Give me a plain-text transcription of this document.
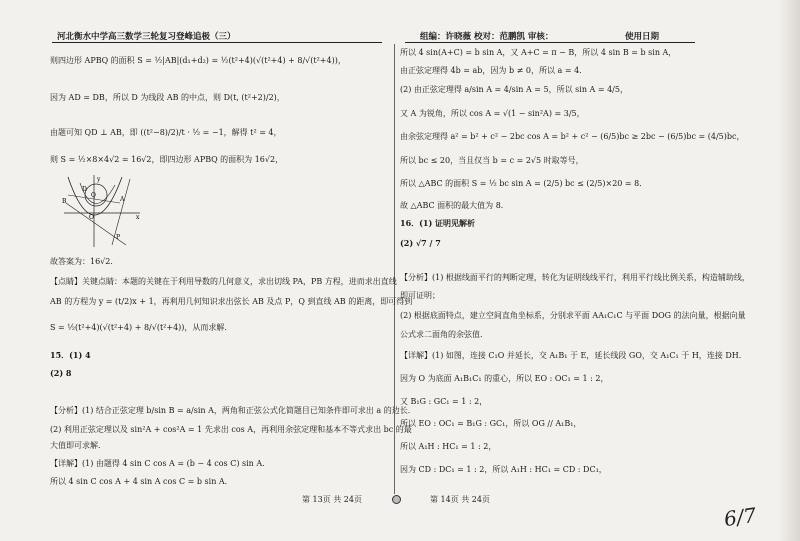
河北衡水中学高三数学三轮复习登峰追极（三）	组编：许晓薇 校对：范鹏凯 审核：	使用日期
则四边形 APBQ 的面积 S = ½|AB|(d₁+d₂) = ½(t²+4)(√(t²+4) + 8/√(t²+4))，
因为 AD = DB，所以 D 为线段 AB 的中点，则 D(t, (t²+2)/2)，
由题可知 QD ⊥ AB，即 ((t²−8)/2)/t · ½ = −1，解得 t² = 4，
则 S = ½×8×4√2 = 16√2，即四边形 APBQ 的面积为 16√2，
y
O
B
Q
D
A
x
P
故答案为：16√2．
【点睛】关键点睛：本题的关键在于利用导数的几何意义，求出切线 PA，PB 方程，进而求出直线
AB 的方程为 y = (t/2)x + 1，再利用几何知识求出弦长 AB 及点 P，Q 到直线 AB 的距离，即可得到
S = ½(t²+4)(√(t²+4) + 8/√(t²+4))，从而求解．
15．(1) 4
(2) 8
【分析】(1) 结合正弦定理 b/sin B = a/sin A，两角和正弦公式化简题目已知条件即可求出 a 的边长．
(2) 利用正弦定理以及 sin²A + cos²A = 1 先求出 cos A，再利用余弦定理和基本不等式求出 bc 的最
大值即可求解．
【详解】(1) 由题得 4 sin C cos A = (b − 4 cos C) sin A．
所以 4 sin C cos A + 4 sin A cos C = b sin A．
所以 4 sin(A+C) = b sin A，又 A+C = π − B，所以 4 sin B = b sin A，
由正弦定理得 4b = ab，因为 b ≠ 0，所以 a = 4．
(2) 由正弦定理得 a/sin A = 4/sin A = 5，所以 sin A = 4/5，
又 A 为锐角，所以 cos A = √(1 − sin²A) = 3/5，
由余弦定理得 a² = b² + c² − 2bc cos A = b² + c² − (6/5)bc ≥ 2bc − (6/5)bc = (4/5)bc，
所以 bc ≤ 20，当且仅当 b = c = 2√5 时取等号，
所以 △ABC 的面积 S = ½ bc sin A = (2/5) bc ≤ (2/5)×20 = 8．
故 △ABC 面积的最大值为 8．
16．(1) 证明见解析
(2) √7 / 7
【分析】(1) 根据线面平行的判断定理，转化为证明线线平行，利用平行线比例关系，构造辅助线，
即可证明；
(2) 根据底面特点，建立空间直角坐标系，分别求平面 AA₁C₁C 与平面 DOG 的法向量，根据向量
公式求二面角的余弦值．
【详解】(1) 如图，连接 C₁O 并延长，交 A₁B₁ 于 E，延长线段 GO，交 A₁C₁ 于 H，连接 DH．
因为 O 为底面 A₁B₁C₁ 的重心，所以 EO : OC₁ = 1 : 2，
又 B₁G : GC₁ = 1 : 2，
所以 EO : OC₁ = B₁G : GC₁，所以 OG // A₁B₁，
所以 A₁H : HC₁ = 1 : 2，
因为 CD : DC₁ = 1 : 2，所以 A₁H : HC₁ = CD : DC₁，
第 13页 共 24页	第 14页 共 24页
6/7
